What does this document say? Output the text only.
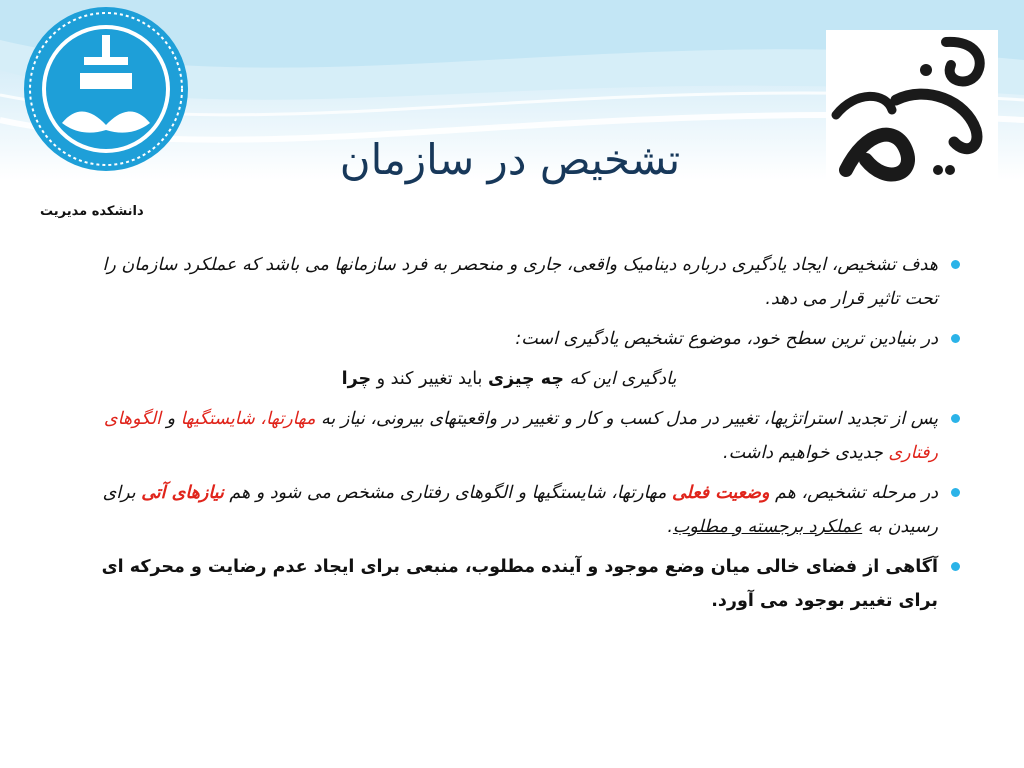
دانشکده مدیریت
تشخیص در سازمان
هدف تشخیص، ایجاد یادگیری درباره دینامیک واقعی، جاری و منحصر به فرد سازمانها می باشد که عملکرد سازمان را تحت تاثیر قرار می دهد.
در بنیادین ترین سطح خود، موضوع تشخیص یادگیری است:
یادگیری این که چه چیزی باید تغییر کند و چرا
پس از تجدید استراتژیها، تغییر در مدل کسب و کار و تغییر در واقعیتهای بیرونی، نیاز به مهارتها، شایستگیها و الگوهای رفتاری جدیدی خواهیم داشت.
در مرحله تشخیص، هم وضعیت فعلی مهارتها، شایستگیها و الگوهای رفتاری مشخص می شود و هم نیازهای آتی برای رسیدن به عملکرد برجسته و مطلوب.
آگاهی از فضای خالی میان وضع موجود و آینده مطلوب، منبعی برای ایجاد عدم رضایت و محرکه ای برای تغییر بوجود می آورد.
